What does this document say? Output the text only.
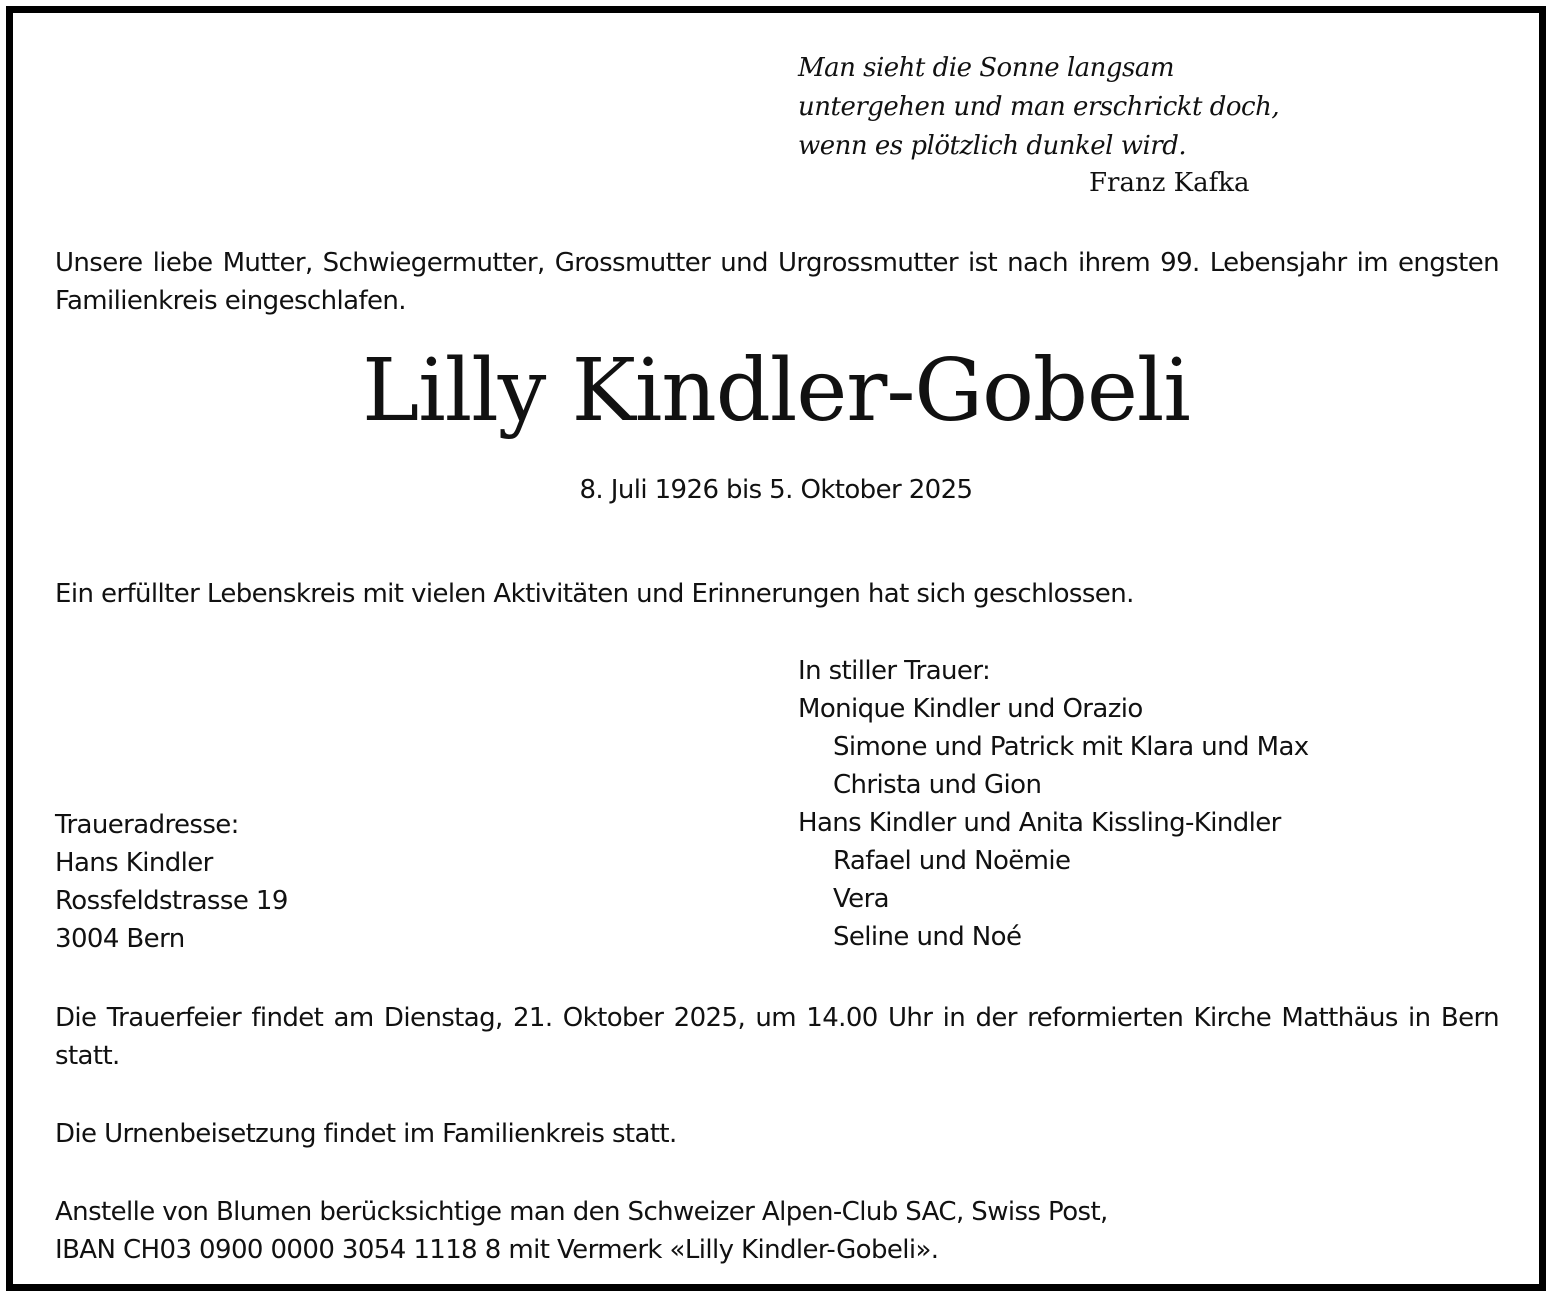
Man sieht die Sonne langsam
untergehen und man erschrickt doch,
wenn es plötzlich dunkel wird.
Franz Kafka
Unsere liebe Mutter, Schwiegermutter, Grossmutter und Urgrossmutter ist nach ihrem 99. Lebensjahr im engsten Familienkreis eingeschlafen.
Lilly Kindler-Gobeli
8. Juli 1926 bis 5. Oktober 2025
Ein erfüllter Lebenskreis mit vielen Aktivitäten und Erinnerungen hat sich geschlossen.
In stiller Trauer:
Monique Kindler und Orazio
Simone und Patrick mit Klara und Max
Christa und Gion
Hans Kindler und Anita Kissling-Kindler
Rafael und Noëmie
Vera
Seline und Noé
Traueradresse:
Hans Kindler
Rossfeldstrasse 19
3004 Bern
Die Trauerfeier findet am Dienstag, 21. Oktober 2025, um 14.00 Uhr in der reformierten Kirche Matthäus in Bern statt.
Die Urnenbeisetzung findet im Familienkreis statt.
Anstelle von Blumen berücksichtige man den Schweizer Alpen-Club SAC, Swiss Post,
IBAN CH03 0900 0000 3054 1118 8 mit Vermerk «Lilly Kindler-Gobeli».
